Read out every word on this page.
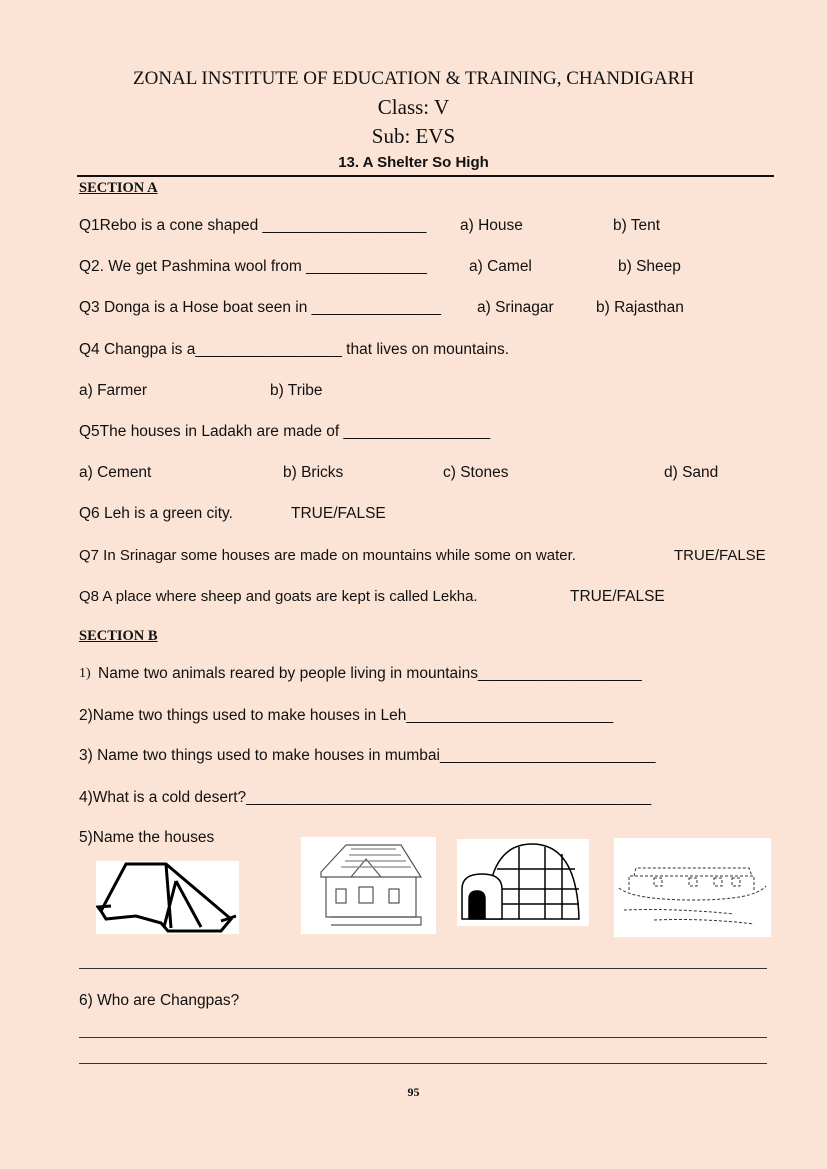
ZONAL INSTITUTE OF EDUCATION & TRAINING, CHANDIGARH
Class: V
Sub: EVS
13. A Shelter So High
SECTION A
Q1Rebo is a cone shaped ___________________ a) House	b) Tent
Q2. We get Pashmina wool from ______________	a) Camel	b) Sheep
Q3 Donga is a Hose boat seen in _______________ a) Srinagar	b) Rajasthan
Q4 Changpa is a_________________ that lives on mountains.
a) Farmer	b) Tribe
Q5The houses in Ladakh are made of _________________
a) Cement	b) Bricks	c) Stones	d) Sand
Q6 Leh is a green city.	TRUE/FALSE
Q7 In Srinagar some houses are made on mountains while some on water.	TRUE/FALSE
Q8 A place where sheep and goats are kept is called Lekha.	TRUE/FALSE
SECTION B
1) Name two animals reared by people living in mountains___________________
2)Name two things used to make houses in Leh________________________
3) Name two things used to make houses in mumbai_________________________
4)What is a cold desert?_______________________________________________
5)Name the houses
6) Who are Changpas?
95
